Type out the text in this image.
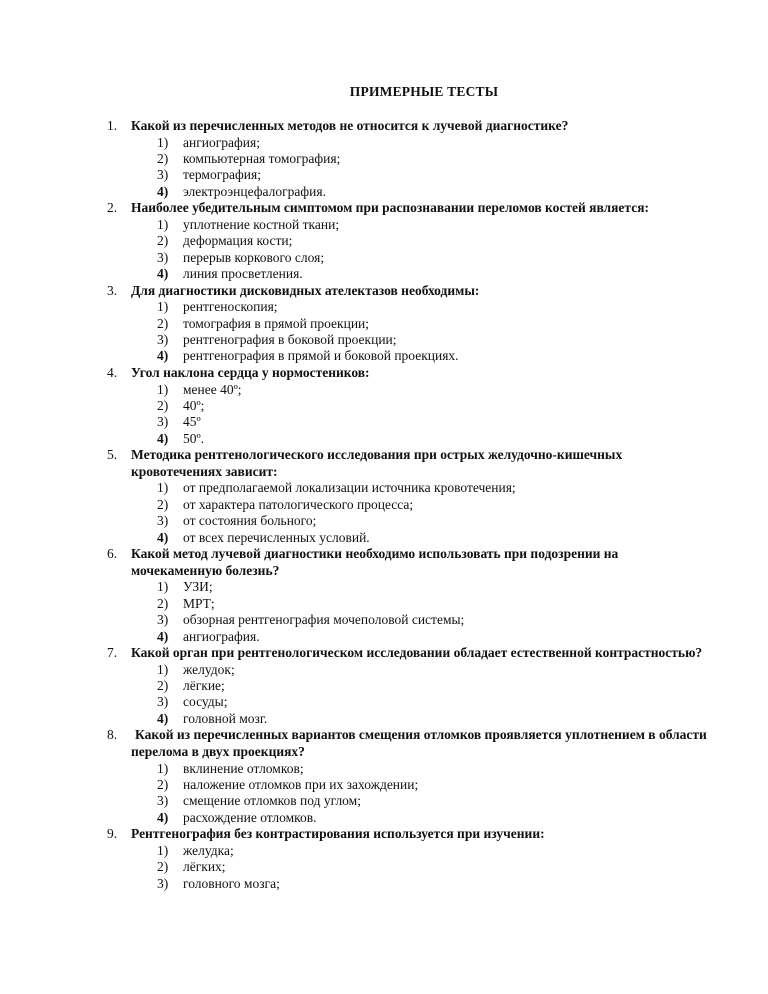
ПРИМЕРНЫЕ ТЕСТЫ
1. Какой из перечисленных методов не относится к лучевой диагностике?
1) ангиография;
2) компьютерная томография;
3) термография;
4) электроэнцефалография.
2. Наиболее убедительным симптомом при распознавании переломов костей является:
1) уплотнение костной ткани;
2) деформация кости;
3) перерыв коркового слоя;
4) линия просветления.
3. Для диагностики дисковидных ателектазов необходимы:
1) рентгеноскопия;
2) томография в прямой проекции;
3) рентгенография в боковой проекции;
4) рентгенография в прямой и боковой проекциях.
4. Угол наклона сердца у нормостеников:
1) менее 40º;
2) 40º;
3) 45º
4) 50º.
5. Методика рентгенологического исследования при острых желудочно-кишечных кровотечениях зависит:
1) от предполагаемой локализации источника кровотечения;
2) от характера патологического процесса;
3) от состояния больного;
4) от всех перечисленных условий.
6. Какой метод лучевой диагностики необходимо использовать при подозрении на мочекаменную болезнь?
1) УЗИ;
2) МРТ;
3) обзорная рентгенография мочеполовой системы;
4) ангиография.
7. Какой орган при рентгенологическом исследовании обладает естественной контрастностью?
1) желудок;
2) лёгкие;
3) сосуды;
4) головной мозг.
8. Какой из перечисленных вариантов смещения отломков проявляется уплотнением в области перелома в двух проекциях?
1) вклинение отломков;
2) наложение отломков при их захождении;
3) смещение отломков под углом;
4) расхождение отломков.
9. Рентгенография без контрастирования используется при изучении:
1) желудка;
2) лёгких;
3) головного мозга;
